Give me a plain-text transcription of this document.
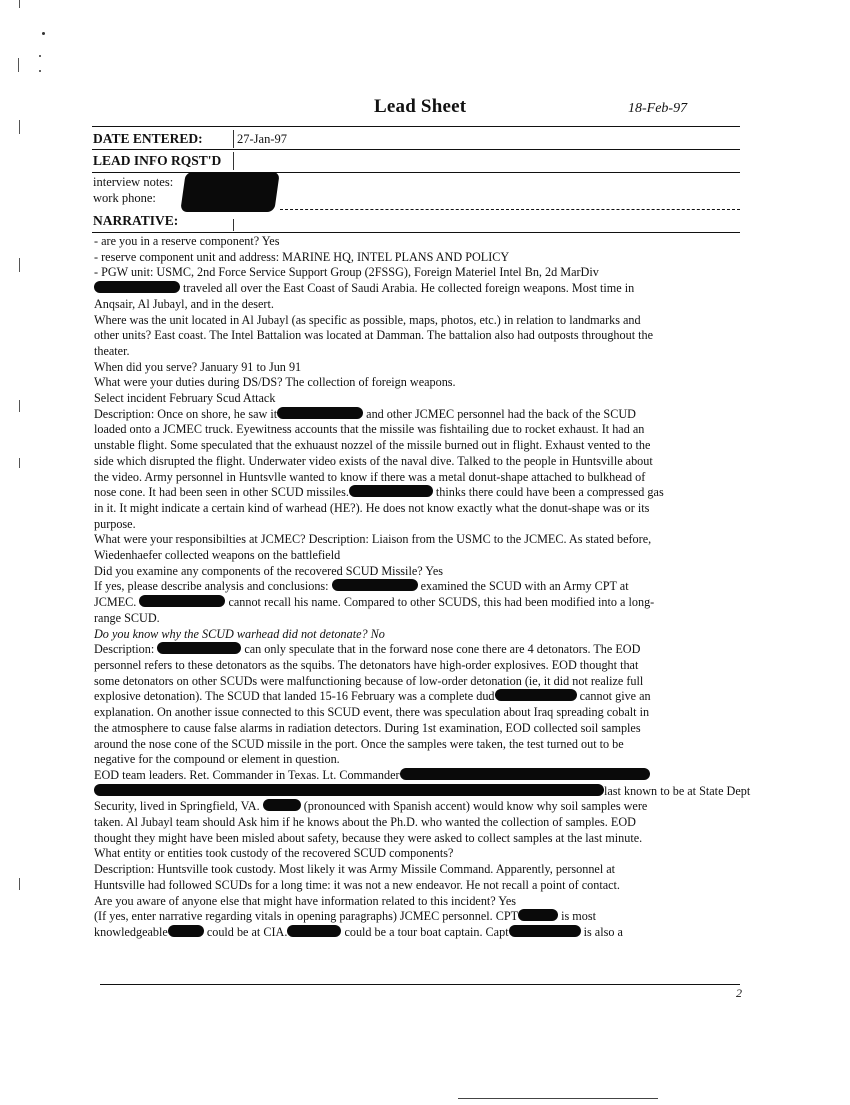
Lead Sheet	18-Feb-97
DATE ENTERED:	27-Jan-97
LEAD INFO RQST'D
interview notes:
work phone:
NARRATIVE:

- are you in a reserve component? Yes

- reserve component unit and address: MARINE HQ, INTEL PLANS AND POLICY

- PGW unit: USMC, 2nd Force Service Support Group (2FSSG), Foreign Materiel Intel Bn, 2d MarDiv

traveled all over the East Coast of Saudi Arabia. He collected foreign weapons. Most time in

Anqsair, Al Jubayl, and in the desert.

Where was the unit located in Al Jubayl (as specific as possible, maps, photos, etc.) in relation to landmarks and

other units? East coast. The Intel Battalion was located at Damman. The battalion also had outposts throughout the

theater.

When did you serve? January 91 to Jun 91

What were your duties during DS/DS? The collection of foreign weapons.

Select incident February Scud Attack

Description: Once on shore, he saw it	and other JCMEC personnel had the back of the SCUD

loaded onto a JCMEC truck. Eyewitness accounts that the missile was fishtailing due to rocket exhaust. It had an

unstable flight. Some speculated that the exhuaust nozzel of the missile burned out in flight. Exhaust vented to the

side which disrupted the flight. Underwater video exists of the naval dive. Talked to the people in Huntsville about

the video. Army personnel in Huntsvlle wanted to know if there was a metal donut-shape attached to bulkhead of

nose cone. It had been seen in other SCUD missiles.	thinks there could have been a compressed gas

in it. It might indicate a certain kind of warhead (HE?). He does not know exactly what the donut-shape was or its

purpose.

What were your responsibilties at JCMEC? Description: Liaison from the USMC to the JCMEC. As stated before,

Wiedenhaefer collected weapons on the battlefield

Did you examine any components of the recovered SCUD Missile? Yes

If yes, please describe analysis and conclusions:	examined the SCUD with an Army CPT at

JCMEC.	cannot recall his name. Compared to other SCUDS, this had been modified into a long-

range SCUD.

Do you know why the SCUD warhead did not detonate? No

Description:	can only speculate that in the forward nose cone there are 4 detonators. The EOD

personnel refers to these detonators as the squibs. The detonators have high-order explosives. EOD thought that

some detonators on other SCUDs were malfunctioning because of low-order detonation (ie, it did not realize full

explosive detonation). The SCUD that landed 15-16 February was a complete dud	cannot give an

explanation. On another issue connected to this SCUD event, there was speculation about Iraq spreading cobalt in

the atmosphere to cause false alarms in radiation detectors. During 1st examination, EOD collected soil samples

around the nose cone of the SCUD missile in the port. Once the samples were taken, the test turned out to be

negative for the compound or element in question.

EOD team leaders. Ret. Commander in Texas. Lt. Commander

last known to be at State Dept

Security, lived in Springfield, VA.	(pronounced with Spanish accent) would know why soil samples were

taken. Al Jubayl team should Ask him if he knows about the Ph.D. who wanted the collection of samples. EOD

thought they might have been misled about safety, because they were asked to collect samples at the last minute.

What entity or entities took custody of the recovered SCUD components?

Description: Huntsville took custody. Most likely it was Army Missile Command. Apparently, personnel at

Huntsville had followed SCUDs for a long time: it was not a new endeavor. He not recall a point of contact.

Are you aware of anyone else that might have information related to this incident? Yes

(If yes, enter narrative regarding vitals in opening paragraphs) JCMEC personnel. CPT	is most

knowledgeable	could be at CIA.	could be a tour boat captain. Capt	is also a

2
